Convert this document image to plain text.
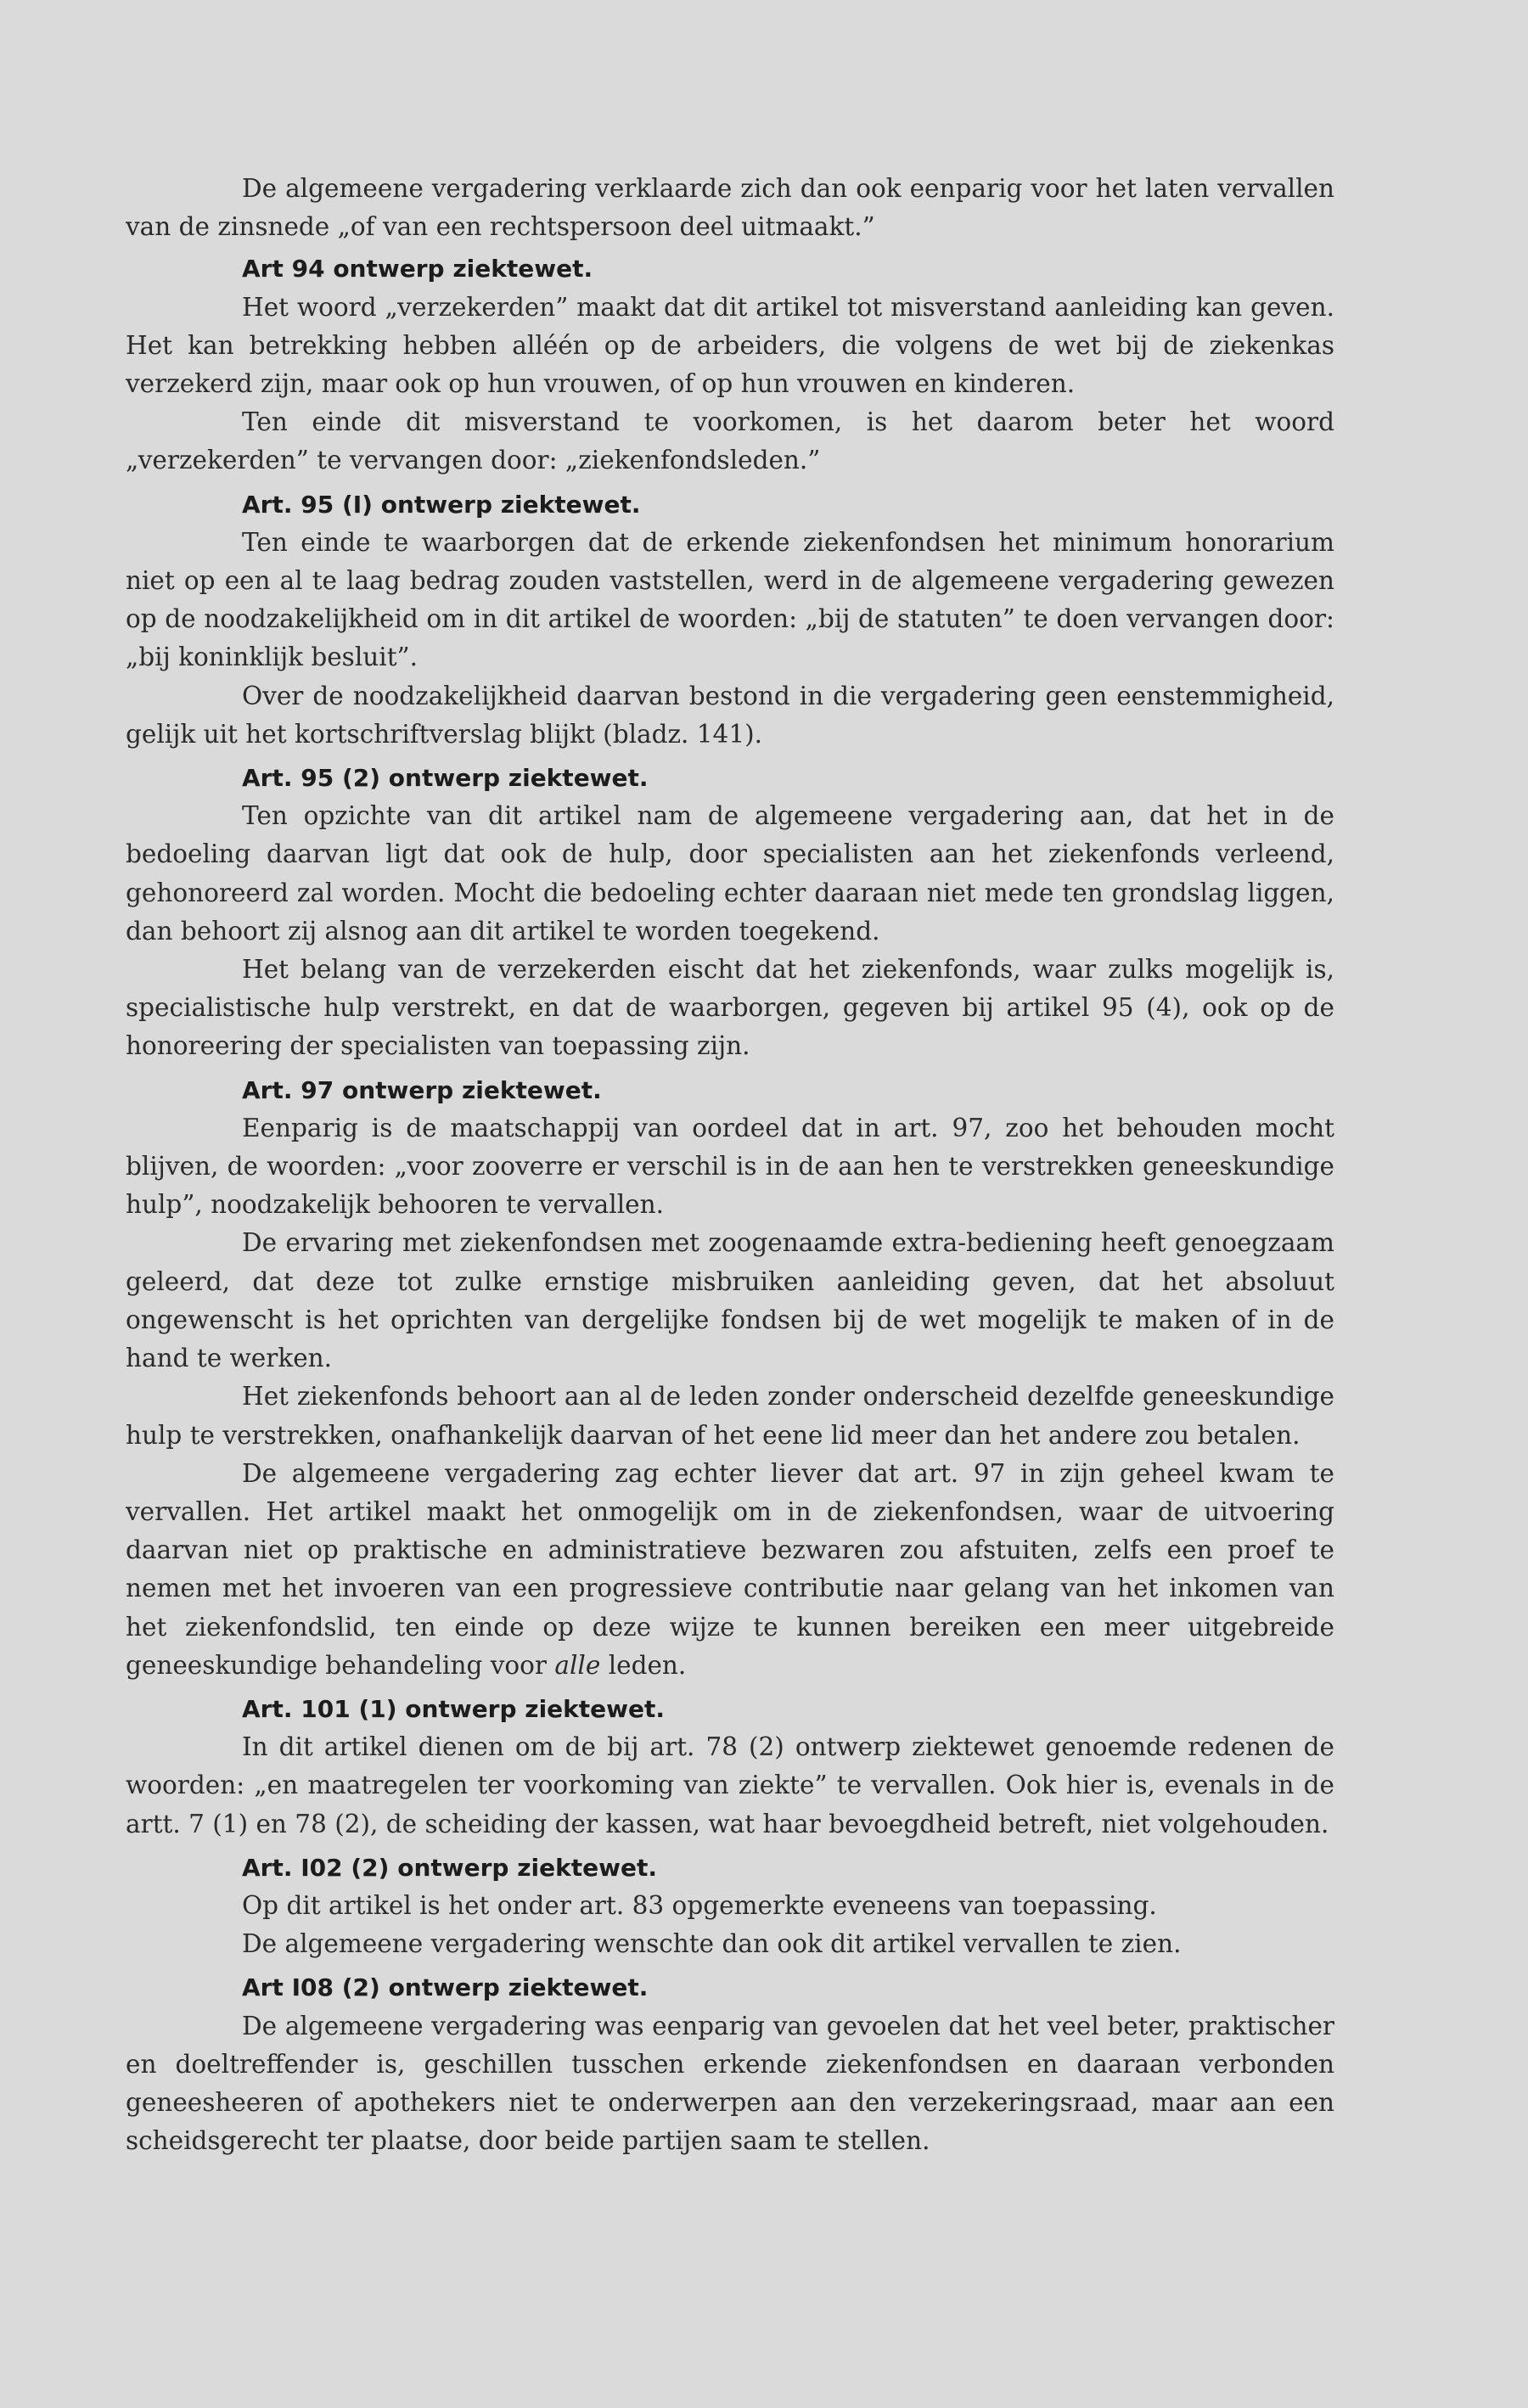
De algemeene vergadering verklaarde zich dan ook eenparig voor het laten vervallen van de zinsnede „of van een rechtspersoon deel uitmaakt.”

Art 94 ontwerp ziektewet.

Het woord „verzekerden” maakt dat dit artikel tot misverstand aanleiding kan geven. Het kan betrekking hebben alléén op de arbeiders, die volgens de wet bij de ziekenkas verzekerd zijn, maar ook op hun vrouwen, of op hun vrouwen en kinderen.

Ten einde dit misverstand te voorkomen, is het daarom beter het woord „verzekerden” te vervangen door: „ziekenfondsleden.”

Art. 95 (I) ontwerp ziektewet.

Ten einde te waarborgen dat de erkende ziekenfondsen het minimum honorarium niet op een al te laag bedrag zouden vaststellen, werd in de algemeene vergadering gewezen op de noodzakelijkheid om in dit artikel de woorden: „bij de statuten” te doen vervangen door: „bij koninklijk besluit”.

Over de noodzakelijkheid daarvan bestond in die vergadering geen eenstemmigheid, gelijk uit het kortschriftverslag blijkt (bladz. 141).

Art. 95 (2) ontwerp ziektewet.

Ten opzichte van dit artikel nam de algemeene vergadering aan, dat het in de bedoeling daarvan ligt dat ook de hulp, door specialisten aan het ziekenfonds verleend, gehonoreerd zal worden. Mocht die bedoeling echter daaraan niet mede ten grondslag liggen, dan behoort zij alsnog aan dit artikel te worden toegekend.

Het belang van de verzekerden eischt dat het ziekenfonds, waar zulks mogelijk is, specialistische hulp verstrekt, en dat de waarborgen, gegeven bij artikel 95 (4), ook op de honoreering der specialisten van toepassing zijn.

Art. 97 ontwerp ziektewet.

Eenparig is de maatschappij van oordeel dat in art. 97, zoo het behouden mocht blijven, de woorden: „voor zooverre er verschil is in de aan hen te verstrekken geneeskundige hulp”, noodzakelijk behooren te vervallen.

De ervaring met ziekenfondsen met zoogenaamde extra-bediening heeft genoegzaam geleerd, dat deze tot zulke ernstige misbruiken aanleiding geven, dat het absoluut ongewenscht is het oprichten van dergelijke fondsen bij de wet mogelijk te maken of in de hand te werken.

Het ziekenfonds behoort aan al de leden zonder onderscheid dezelfde geneeskundige hulp te verstrekken, onafhankelijk daarvan of het eene lid meer dan het andere zou betalen.

De algemeene vergadering zag echter liever dat art. 97 in zijn geheel kwam te vervallen. Het artikel maakt het onmogelijk om in de ziekenfondsen, waar de uitvoering daarvan niet op praktische en administratieve bezwaren zou afstuiten, zelfs een proef te nemen met het invoeren van een progressieve contributie naar gelang van het inkomen van het ziekenfondslid, ten einde op deze wijze te kunnen bereiken een meer uitgebreide geneeskundige behandeling voor alle leden.

Art. 101 (1) ontwerp ziektewet.

In dit artikel dienen om de bij art. 78 (2) ontwerp ziektewet genoemde redenen de woorden: „en maatregelen ter voorkoming van ziekte” te vervallen. Ook hier is, evenals in de artt. 7 (1) en 78 (2), de scheiding der kassen, wat haar bevoegdheid betreft, niet volgehouden.

Art. I02 (2) ontwerp ziektewet.

Op dit artikel is het onder art. 83 opgemerkte eveneens van toepassing.

De algemeene vergadering wenschte dan ook dit artikel vervallen te zien.

Art I08 (2) ontwerp ziektewet.

De algemeene vergadering was eenparig van gevoelen dat het veel beter, praktischer en doeltreffender is, geschillen tusschen erkende ziekenfondsen en daaraan verbonden geneesheeren of apothekers niet te onderwerpen aan den verzekeringsraad, maar aan een scheidsgerecht ter plaatse, door beide partijen saam te stellen.
